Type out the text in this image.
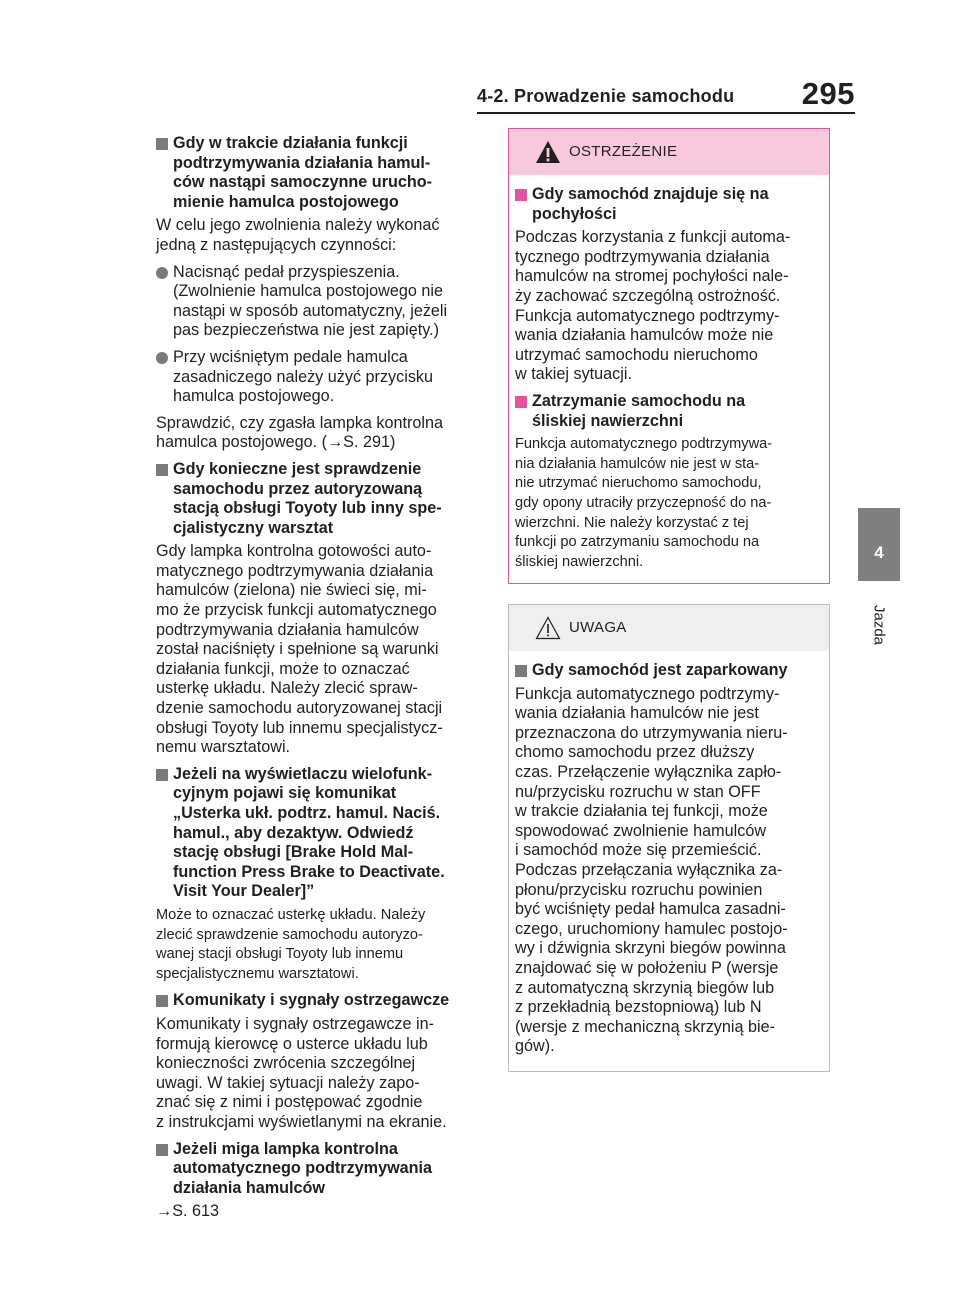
4-2. Prowadzenie samochodu 295
4
Jazda
Gdy w trakcie działania funkcji
podtrzymywania działania hamul-
ców nastąpi samoczynne urucho-
mienie hamulca postojowego
W celu jego zwolnienia należy wykonać
jedną z następujących czynności:
Nacisnąć pedał przyspieszenia.
(Zwolnienie hamulca postojowego nie
nastąpi w sposób automatyczny, jeżeli
pas bezpieczeństwa nie jest zapięty.)
Przy wciśniętym pedale hamulca
zasadniczego należy użyć przycisku
hamulca postojowego.
Sprawdzić, czy zgasła lampka kontrolna
hamulca postojowego. (→S. 291)
Gdy konieczne jest sprawdzenie
samochodu przez autoryzowaną
stacją obsługi Toyoty lub inny spe-
cjalistyczny warsztat
Gdy lampka kontrolna gotowości auto-
matycznego podtrzymywania działania
hamulców (zielona) nie świeci się, mi-
mo że przycisk funkcji automatycznego
podtrzymywania działania hamulców
został naciśnięty i spełnione są warunki
działania funkcji, może to oznaczać
usterkę układu. Należy zlecić spraw-
dzenie samochodu autoryzowanej stacji
obsługi Toyoty lub innemu specjalistycz-
nemu warsztatowi.
Jeżeli na wyświetlaczu wielofunk-
cyjnym pojawi się komunikat
„Usterka ukł. podtrz. hamul. Naciś.
hamul., aby dezaktyw. Odwiedź
stację obsługi [Brake Hold Mal-
function Press Brake to Deactivate.
Visit Your Dealer]”
Może to oznaczać usterkę układu. Należy
zlecić sprawdzenie samochodu autoryzo-
wanej stacji obsługi Toyoty lub innemu
specjalistycznemu warsztatowi.
Komunikaty i sygnały ostrzegawcze
Komunikaty i sygnały ostrzegawcze in-
formują kierowcę o usterce układu lub
konieczności zwrócenia szczególnej
uwagi. W takiej sytuacji należy zapo-
znać się z nimi i postępować zgodnie
z instrukcjami wyświetlanymi na ekranie.
Jeżeli miga lampka kontrolna
automatycznego podtrzymywania
działania hamulców
→S. 613
OSTRZEŻENIE
Gdy samochód znajduje się na
pochyłości
Podczas korzystania z funkcji automa-
tycznego podtrzymywania działania
hamulców na stromej pochyłości nale-
ży zachować szczególną ostrożność.
Funkcja automatycznego podtrzymy-
wania działania hamulców może nie
utrzymać samochodu nieruchomo
w takiej sytuacji.
Zatrzymanie samochodu na
śliskiej nawierzchni
Funkcja automatycznego podtrzymywa-
nia działania hamulców nie jest w sta-
nie utrzymać nieruchomo samochodu,
gdy opony utraciły przyczepność do na-
wierzchni. Nie należy korzystać z tej
funkcji po zatrzymaniu samochodu na
śliskiej nawierzchni.
UWAGA
Gdy samochód jest zaparkowany
Funkcja automatycznego podtrzymy-
wania działania hamulców nie jest
przeznaczona do utrzymywania nieru-
chomo samochodu przez dłuższy
czas. Przełączenie wyłącznika zapło-
nu/przycisku rozruchu w stan OFF
w trakcie działania tej funkcji, może
spowodować zwolnienie hamulców
i samochód może się przemieścić.
Podczas przełączania wyłącznika za-
płonu/przycisku rozruchu powinien
być wciśnięty pedał hamulca zasadni-
czego, uruchomiony hamulec postojo-
wy i dźwignia skrzyni biegów powinna
znajdować się w położeniu P (wersje
z automatyczną skrzynią biegów lub
z przekładnią bezstopniową) lub N
(wersje z mechaniczną skrzynią bie-
gów).
